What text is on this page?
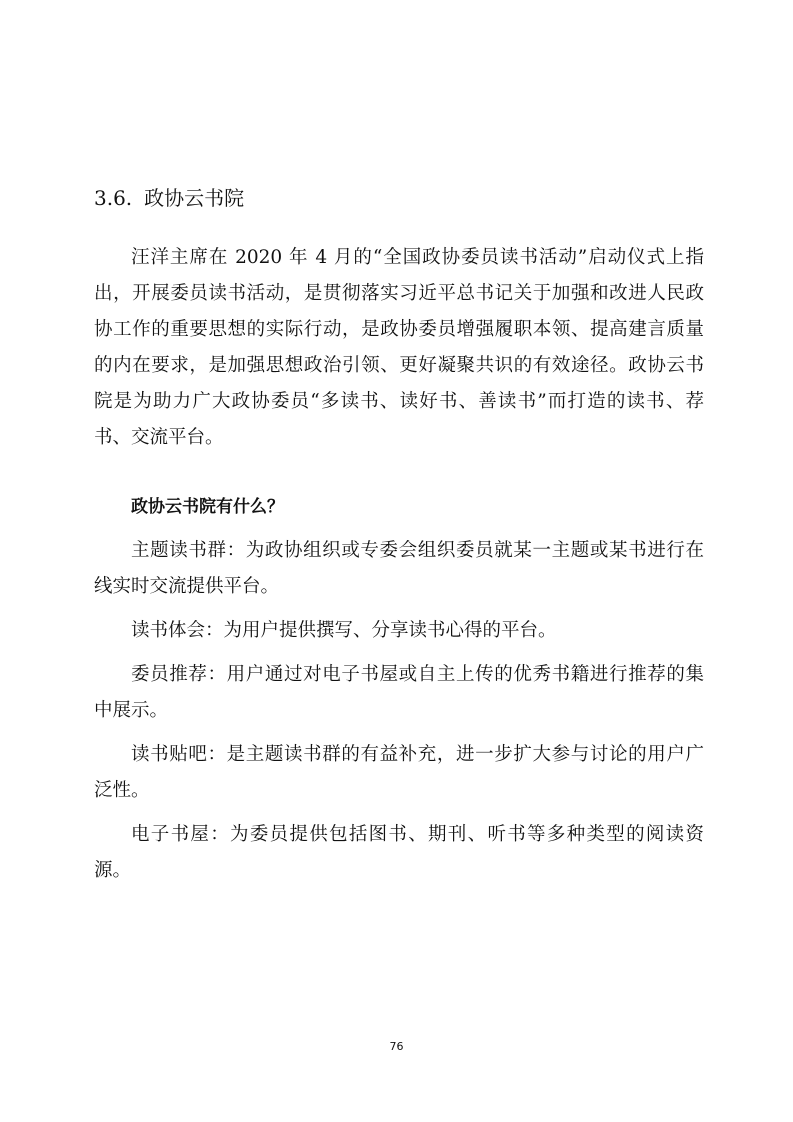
3.6. 政协云书院

汪洋主席在 2020 年 4 月的“全国政协委员读书活动”启动仪式上指出，开展委员读书活动，是贯彻落实习近平总书记关于加强和改进人民政协工作的重要思想的实际行动，是政协委员增强履职本领、提高建言质量的内在要求，是加强思想政治引领、更好凝聚共识的有效途径。政协云书院是为助力广大政协委员“多读书、读好书、善读书”而打造的读书、荐书、交流平台。

政协云书院有什么？

主题读书群：为政协组织或专委会组织委员就某一主题或某书进行在线实时交流提供平台。

读书体会：为用户提供撰写、分享读书心得的平台。

委员推荐：用户通过对电子书屋或自主上传的优秀书籍进行推荐的集中展示。

读书贴吧：是主题读书群的有益补充，进一步扩大参与讨论的用户广泛性。

电子书屋：为委员提供包括图书、期刊、听书等多种类型的阅读资源。

76
